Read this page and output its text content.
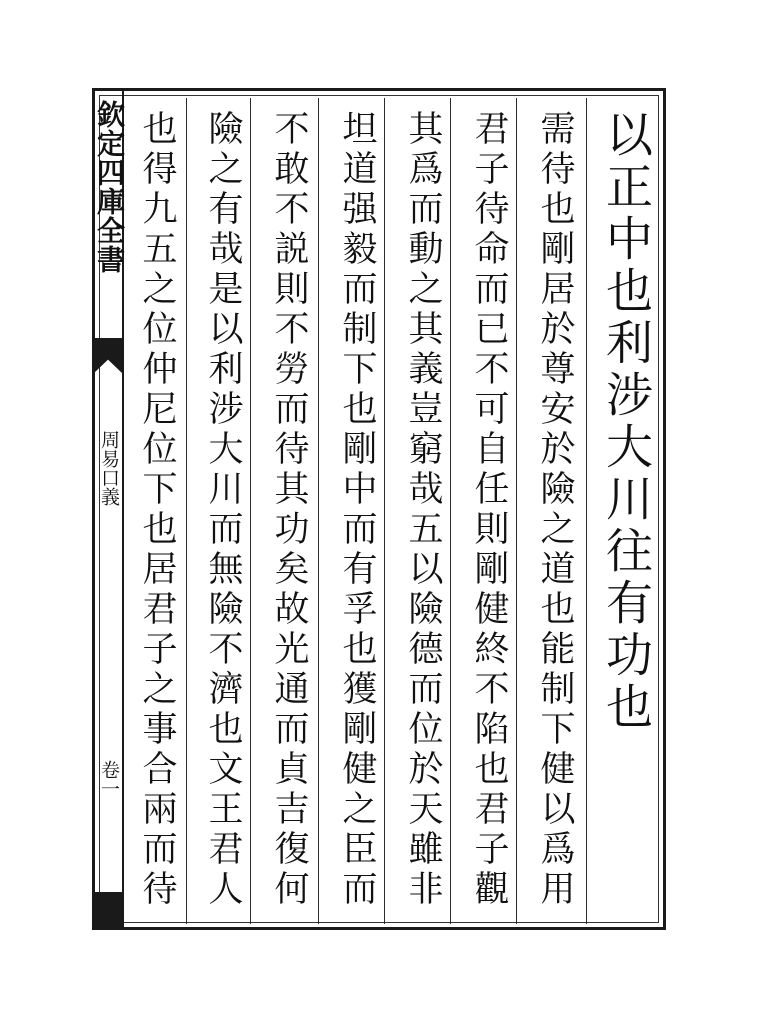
欽定四庫全書
周易口義
卷一
以正中也利涉大川往有功也
需待也剛居於尊安於險之道也能制下健以爲用
君子待命而已不可自任則剛健終不陷也君子觀
其爲而動之其義豈窮哉五以險德而位於天雖非
坦道强毅而制下也剛中而有孚也獲剛健之臣而
不敢不説則不勞而待其功矣故光通而貞吉復何
險之有哉是以利涉大川而無險不濟也文王君人
也得九五之位仲尼位下也居君子之事合兩而待
